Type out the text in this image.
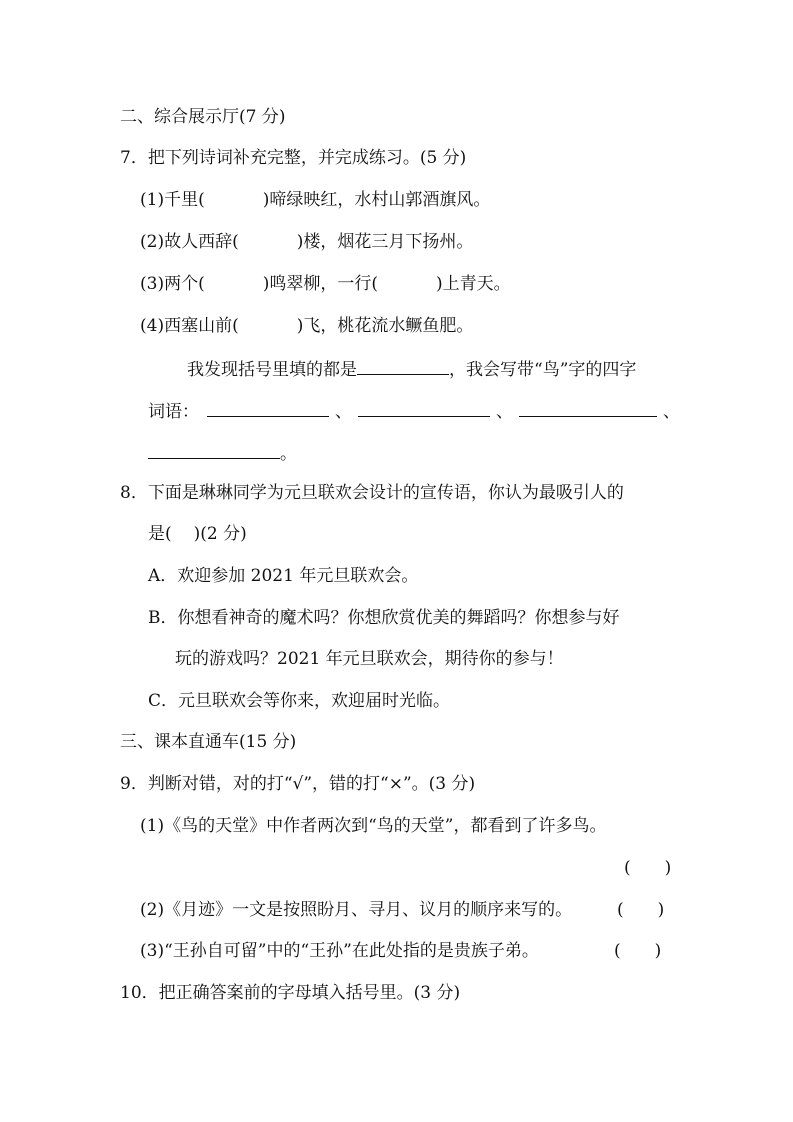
二、综合展示厅(7 分)
7．把下列诗词补充完整，并完成练习。(5 分)
(1)千里(	)啼绿映红，水村山郭酒旗风。
(2)故人西辞(	)楼，烟花三月下扬州。
(3)两个(	)鸣翠柳，一行(	)上青天。
(4)西塞山前(	)飞，桃花流水鳜鱼肥。
我发现括号里填的都是	，我会写带“鸟”字的四字
词语：	、	、	、
。
8．下面是琳琳同学为元旦联欢会设计的宣传语，你认为最吸引人的
是( )(2 分)
A．欢迎参加 2021 年元旦联欢会。
B．你想看神奇的魔术吗？你想欣赏优美的舞蹈吗？你想参与好
玩的游戏吗？2021 年元旦联欢会，期待你的参与！
C．元旦联欢会等你来，欢迎届时光临。
三、课本直通车(15 分)
9．判断对错，对的打“√”，错的打“×”。(3 分)
(1)《鸟的天堂》中作者两次到“鸟的天堂”，都看到了许多鸟。
( )
(2)《月迹》一文是按照盼月、寻月、议月的顺序来写的。	( )
(3)“王孙自可留”中的“王孙”在此处指的是贵族子弟。	( )
10．把正确答案前的字母填入括号里。(3 分)
